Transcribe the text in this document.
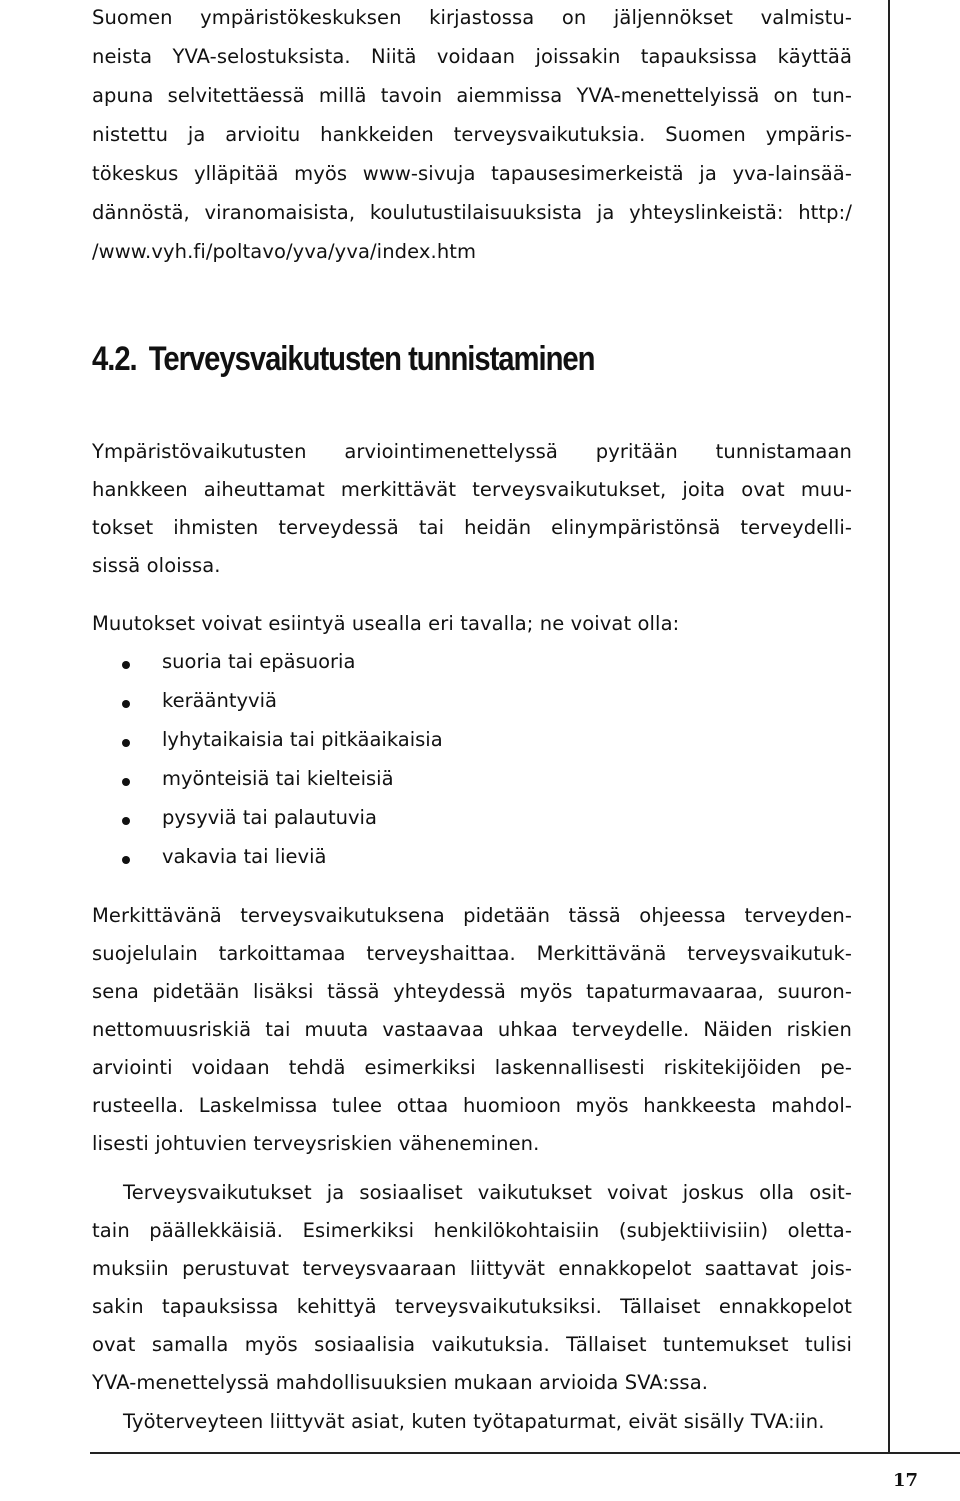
Suomen ympäristökeskuksen kirjastossa on jäljennökset valmistu-
neista YVA-selostuksista. Niitä voidaan joissakin tapauksissa käyttää
apuna selvitettäessä millä tavoin aiemmissa YVA-menettelyissä on tun-
nistettu ja arvioitu hankkeiden terveysvaikutuksia. Suomen ympäris-
tökeskus ylläpitää myös www-sivuja tapausesimerkeistä ja yva-lainsää-
dännöstä, viranomaisista, koulutustilaisuuksista ja yhteyslinkeistä: http:/
/www.vyh.fi/poltavo/yva/yva/index.htm
4.2. Terveysvaikutusten tunnistaminen
Ympäristövaikutusten arviointimenettelyssä pyritään tunnistamaan
hankkeen aiheuttamat merkittävät terveysvaikutukset, joita ovat muu-
tokset ihmisten terveydessä tai heidän elinympäristönsä terveydelli-
sissä oloissa.
Muutokset voivat esiintyä usealla eri tavalla; ne voivat olla:
suoria tai epäsuoria
kerääntyviä
lyhytaikaisia tai pitkäaikaisia
myönteisiä tai kielteisiä
pysyviä tai palautuvia
vakavia tai lieviä
Merkittävänä terveysvaikutuksena pidetään tässä ohjeessa terveyden-
suojelulain tarkoittamaa terveyshaittaa. Merkittävänä terveysvaikutuk-
sena pidetään lisäksi tässä yhteydessä myös tapaturmavaaraa, suuron-
nettomuusriskiä tai muuta vastaavaa uhkaa terveydelle. Näiden riskien
arviointi voidaan tehdä esimerkiksi laskennallisesti riskitekijöiden pe-
rusteella. Laskelmissa tulee ottaa huomioon myös hankkeesta mahdol-
lisesti johtuvien terveysriskien väheneminen.
Terveysvaikutukset ja sosiaaliset vaikutukset voivat joskus olla osit-
tain päällekkäisiä. Esimerkiksi henkilökohtaisiin (subjektiivisiin) oletta-
muksiin perustuvat terveysvaaraan liittyvät ennakkopelot saattavat jois-
sakin tapauksissa kehittyä terveysvaikutuksiksi. Tällaiset ennakkopelot
ovat samalla myös sosiaalisia vaikutuksia. Tällaiset tuntemukset tulisi
YVA-menettelyssä mahdollisuuksien mukaan arvioida SVA:ssa.
Työterveyteen liittyvät asiat, kuten työtapaturmat, eivät sisälly TVA:iin.
17
